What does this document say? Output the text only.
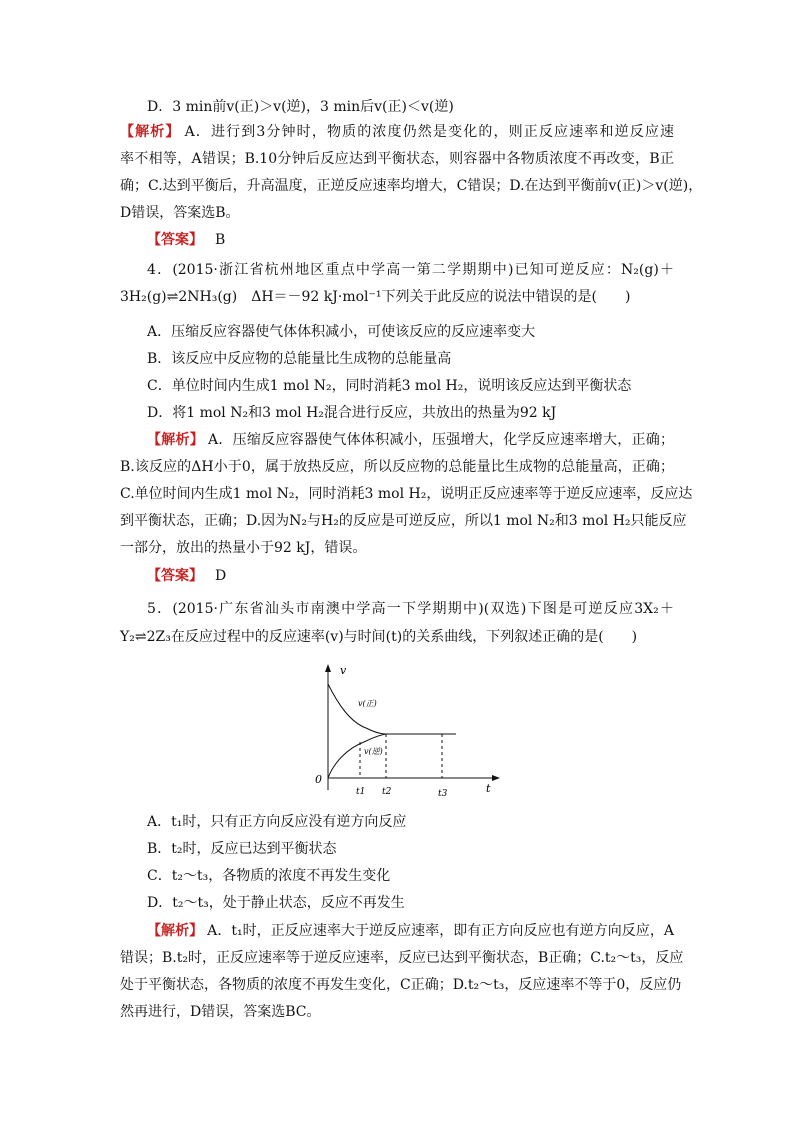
D．3 min前v(正)＞v(逆)，3 min后v(正)＜v(逆)
【解析】 A．进行到3分钟时，物质的浓度仍然是变化的，则正反应速率和逆反应速
率不相等，A错误；B.10分钟后反应达到平衡状态，则容器中各物质浓度不再改变，B正
确；C.达到平衡后，升高温度，正逆反应速率均增大，C错误；D.在达到平衡前v(正)＞v(逆)，
D错误，答案选B。
【答案】 B
4．(2015·浙江省杭州地区重点中学高一第二学期期中)已知可逆反应：N₂(g)＋
3H₂(g)⇌2NH₃(g)　ΔH＝－92 kJ·mol⁻¹下列关于此反应的说法中错误的是(　　)
A．压缩反应容器使气体体积减小，可使该反应的反应速率变大
B．该反应中反应物的总能量比生成物的总能量高
C．单位时间内生成1 mol N₂，同时消耗3 mol H₂，说明该反应达到平衡状态
D．将1 mol N₂和3 mol H₂混合进行反应，共放出的热量为92 kJ
【解析】 A．压缩反应容器使气体体积减小，压强增大，化学反应速率增大，正确；
B.该反应的ΔH小于0，属于放热反应，所以反应物的总能量比生成物的总能量高，正确；
C.单位时间内生成1 mol N₂，同时消耗3 mol H₂，说明正反应速率等于逆反应速率，反应达
到平衡状态，正确；D.因为N₂与H₂的反应是可逆反应，所以1 mol N₂和3 mol H₂只能反应
一部分，放出的热量小于92 kJ，错误。
【答案】 D
5．(2015·广东省汕头市南澳中学高一下学期期中)(双选)下图是可逆反应3X₂＋
Y₂⇌2Z₃在反应过程中的反应速率(v)与时间(t)的关系曲线，下列叙述正确的是(　　)
v
t
0
v(正)
v(逆)
t1 t2	t3
A．t₁时，只有正方向反应没有逆方向反应
B．t₂时，反应已达到平衡状态
C．t₂～t₃，各物质的浓度不再发生变化
D．t₂～t₃，处于静止状态，反应不再发生
【解析】 A．t₁时，正反应速率大于逆反应速率，即有正方向反应也有逆方向反应，A
错误；B.t₂时，正反应速率等于逆反应速率，反应已达到平衡状态，B正确；C.t₂～t₃，反应
处于平衡状态，各物质的浓度不再发生变化，C正确；D.t₂～t₃，反应速率不等于0，反应仍
然再进行，D错误，答案选BC。
